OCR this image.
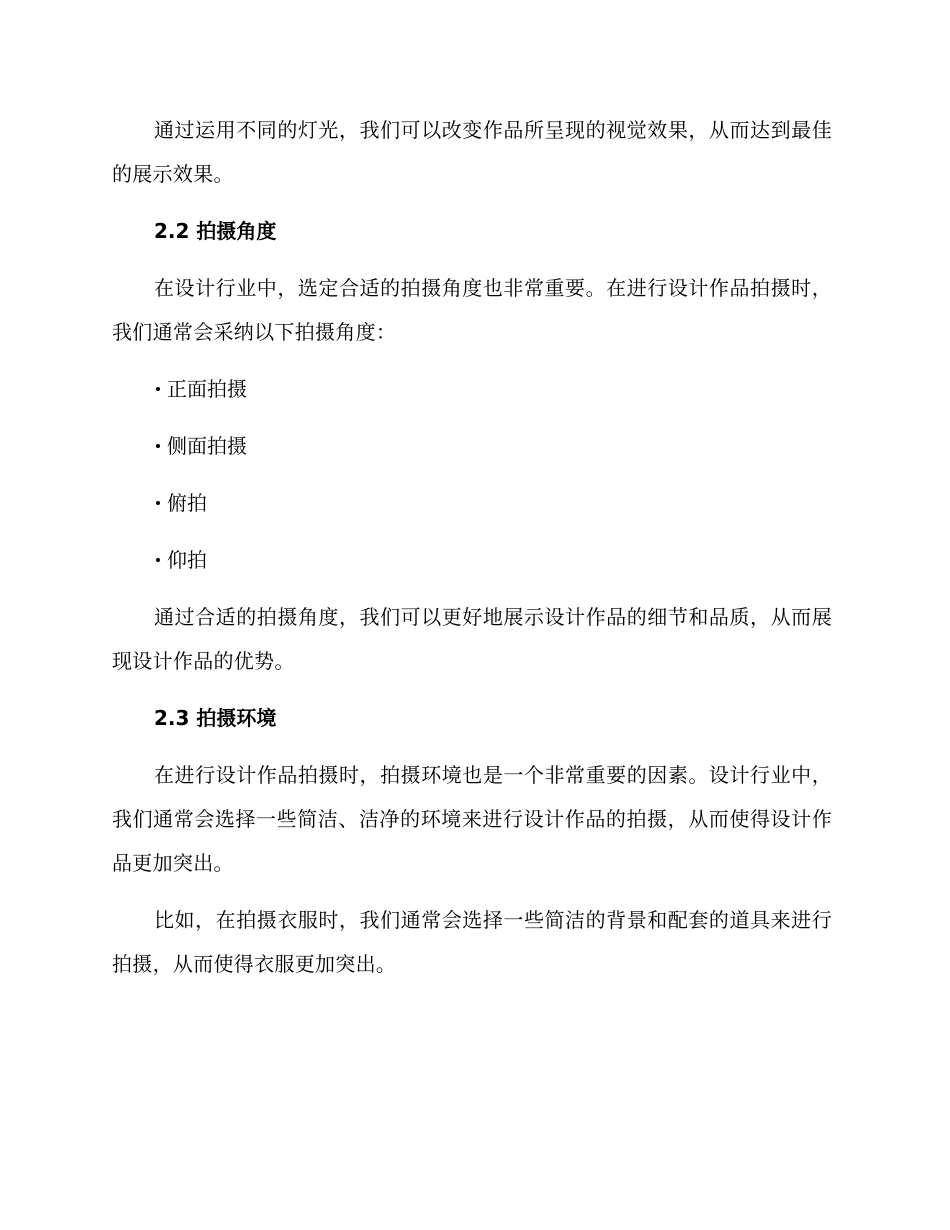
通过运用不同的灯光，我们可以改变作品所呈现的视觉效果，从而达到最佳的展示效果。

2.2 拍摄角度

在设计行业中，选定合适的拍摄角度也非常重要。在进行设计作品拍摄时，我们通常会采纳以下拍摄角度：

正面拍摄
侧面拍摄
俯拍
仰拍

通过合适的拍摄角度，我们可以更好地展示设计作品的细节和品质，从而展现设计作品的优势。

2.3 拍摄环境

在进行设计作品拍摄时，拍摄环境也是一个非常重要的因素。设计行业中，我们通常会选择一些简洁、洁净的环境来进行设计作品的拍摄，从而使得设计作品更加突出。

比如，在拍摄衣服时，我们通常会选择一些简洁的背景和配套的道具来进行拍摄，从而使得衣服更加突出。
